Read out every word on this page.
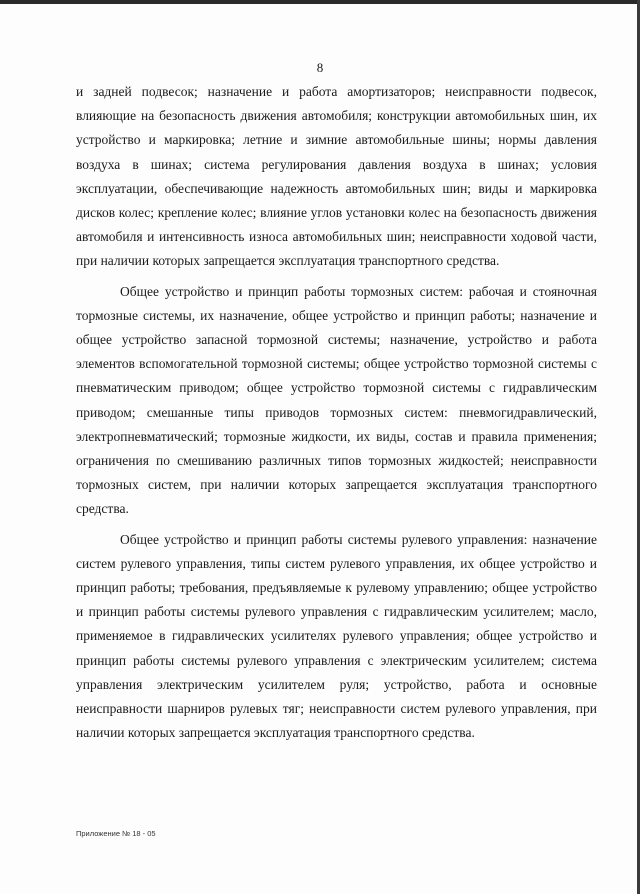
8

и задней подвесок; назначение и работа амортизаторов; неисправности подвесок, влияющие на безопасность движения автомобиля; конструкции автомобильных шин, их устройство и маркировка; летние и зимние автомобильные шины; нормы давления воздуха в шинах; система регулирования давления воздуха в шинах; условия эксплуатации, обеспечивающие надежность автомобильных шин; виды и маркировка дисков колес; крепление колес; влияние углов установки колес на безопасность движения автомобиля и интенсивность износа автомобильных шин; неисправности ходовой части, при наличии которых запрещается эксплуатация транспортного средства.

Общее устройство и принцип работы тормозных систем: рабочая и стояночная тормозные системы, их назначение, общее устройство и принцип работы; назначение и общее устройство запасной тормозной системы; назначение, устройство и работа элементов вспомогательной тормозной системы; общее устройство тормозной системы с пневматическим приводом; общее устройство тормозной системы с гидравлическим приводом; смешанные типы приводов тормозных систем: пневмогидравлический, электропневматический; тормозные жидкости, их виды, состав и правила применения; ограничения по смешиванию различных типов тормозных жидкостей; неисправности тормозных систем, при наличии которых запрещается эксплуатация транспортного средства.

Общее устройство и принцип работы системы рулевого управления: назначение систем рулевого управления, типы систем рулевого управления, их общее устройство и принцип работы; требования, предъявляемые к рулевому управлению; общее устройство и принцип работы системы рулевого управления с гидравлическим усилителем; масло, применяемое в гидравлических усилителях рулевого управления; общее устройство и принцип работы системы рулевого управления с электрическим усилителем; система управления электрическим усилителем руля; устройство, работа и основные неисправности шарниров рулевых тяг; неисправности систем рулевого управления, при наличии которых запрещается эксплуатация транспортного средства.

Приложение № 18 - 05
